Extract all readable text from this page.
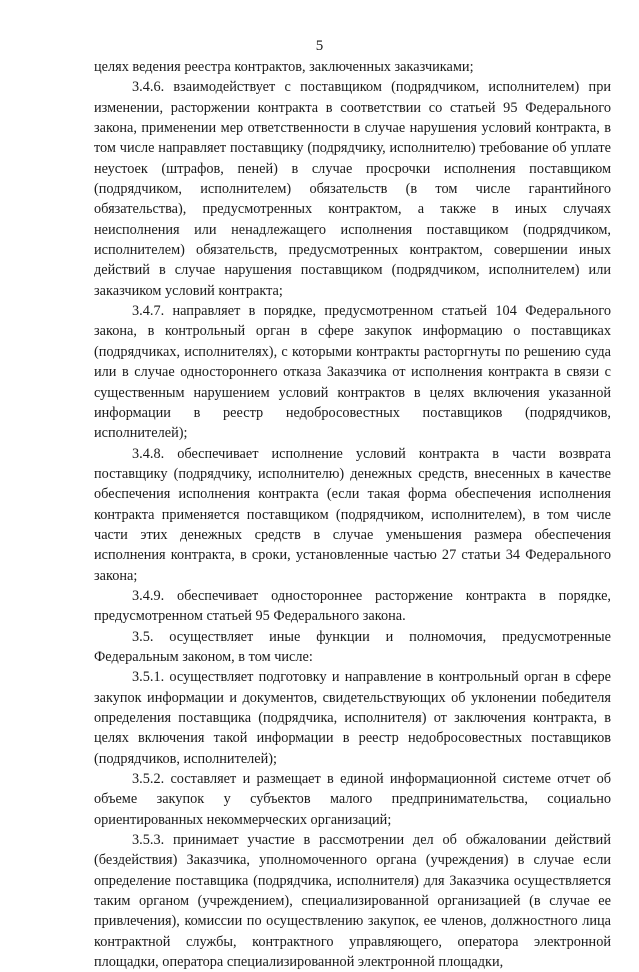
5

целях ведения реестра контрактов, заключенных заказчиками;

3.4.6. взаимодействует с поставщиком (подрядчиком, исполнителем) при изменении, расторжении контракта в соответствии со статьей 95 Федерального закона, применении мер ответственности в случае нарушения условий контракта, в том числе направляет поставщику (подрядчику, исполнителю) требование об уплате неустоек (штрафов, пеней) в случае просрочки исполнения поставщиком (подрядчиком, исполнителем) обязательств (в том числе гарантийного обязательства), предусмотренных контрактом, а также в иных случаях неисполнения или ненадлежащего исполнения поставщиком (подрядчиком, исполнителем) обязательств, предусмотренных контрактом, совершении иных действий в случае нарушения поставщиком (подрядчиком, исполнителем) или заказчиком условий контракта;

3.4.7. направляет в порядке, предусмотренном статьей 104 Федерального закона, в контрольный орган в сфере закупок информацию о поставщиках (подрядчиках, исполнителях), с которыми контракты расторгнуты по решению суда или в случае одностороннего отказа Заказчика от исполнения контракта в связи с существенным нарушением условий контрактов в целях включения указанной информации в реестр недобросовестных поставщиков (подрядчиков, исполнителей);

3.4.8. обеспечивает исполнение условий контракта в части возврата поставщику (подрядчику, исполнителю) денежных средств, внесенных в качестве обеспечения исполнения контракта (если такая форма обеспечения исполнения контракта применяется поставщиком (подрядчиком, исполнителем), в том числе части этих денежных средств в случае уменьшения размера обеспечения исполнения контракта, в сроки, установленные частью 27 статьи 34 Федерального закона;

3.4.9. обеспечивает одностороннее расторжение контракта в порядке, предусмотренном статьей 95 Федерального закона.

3.5. осуществляет иные функции и полномочия, предусмотренные Федеральным законом, в том числе:

3.5.1. осуществляет подготовку и направление в контрольный орган в сфере закупок информации и документов, свидетельствующих об уклонении победителя определения поставщика (подрядчика, исполнителя) от заключения контракта, в целях включения такой информации в реестр недобросовестных поставщиков (подрядчиков, исполнителей);

3.5.2. составляет и размещает в единой информационной системе отчет об объеме закупок у субъектов малого предпринимательства, социально ориентированных некоммерческих организаций;

3.5.3. принимает участие в рассмотрении дел об обжаловании действий (бездействия) Заказчика, уполномоченного органа (учреждения) в случае если определение поставщика (подрядчика, исполнителя) для Заказчика осуществляется таким органом (учреждением), специализированной организацией (в случае ее привлечения), комиссии по осуществлению закупок, ее членов, должностного лица контрактной службы, контрактного управляющего, оператора электронной площадки, оператора специализированной электронной площадки,
